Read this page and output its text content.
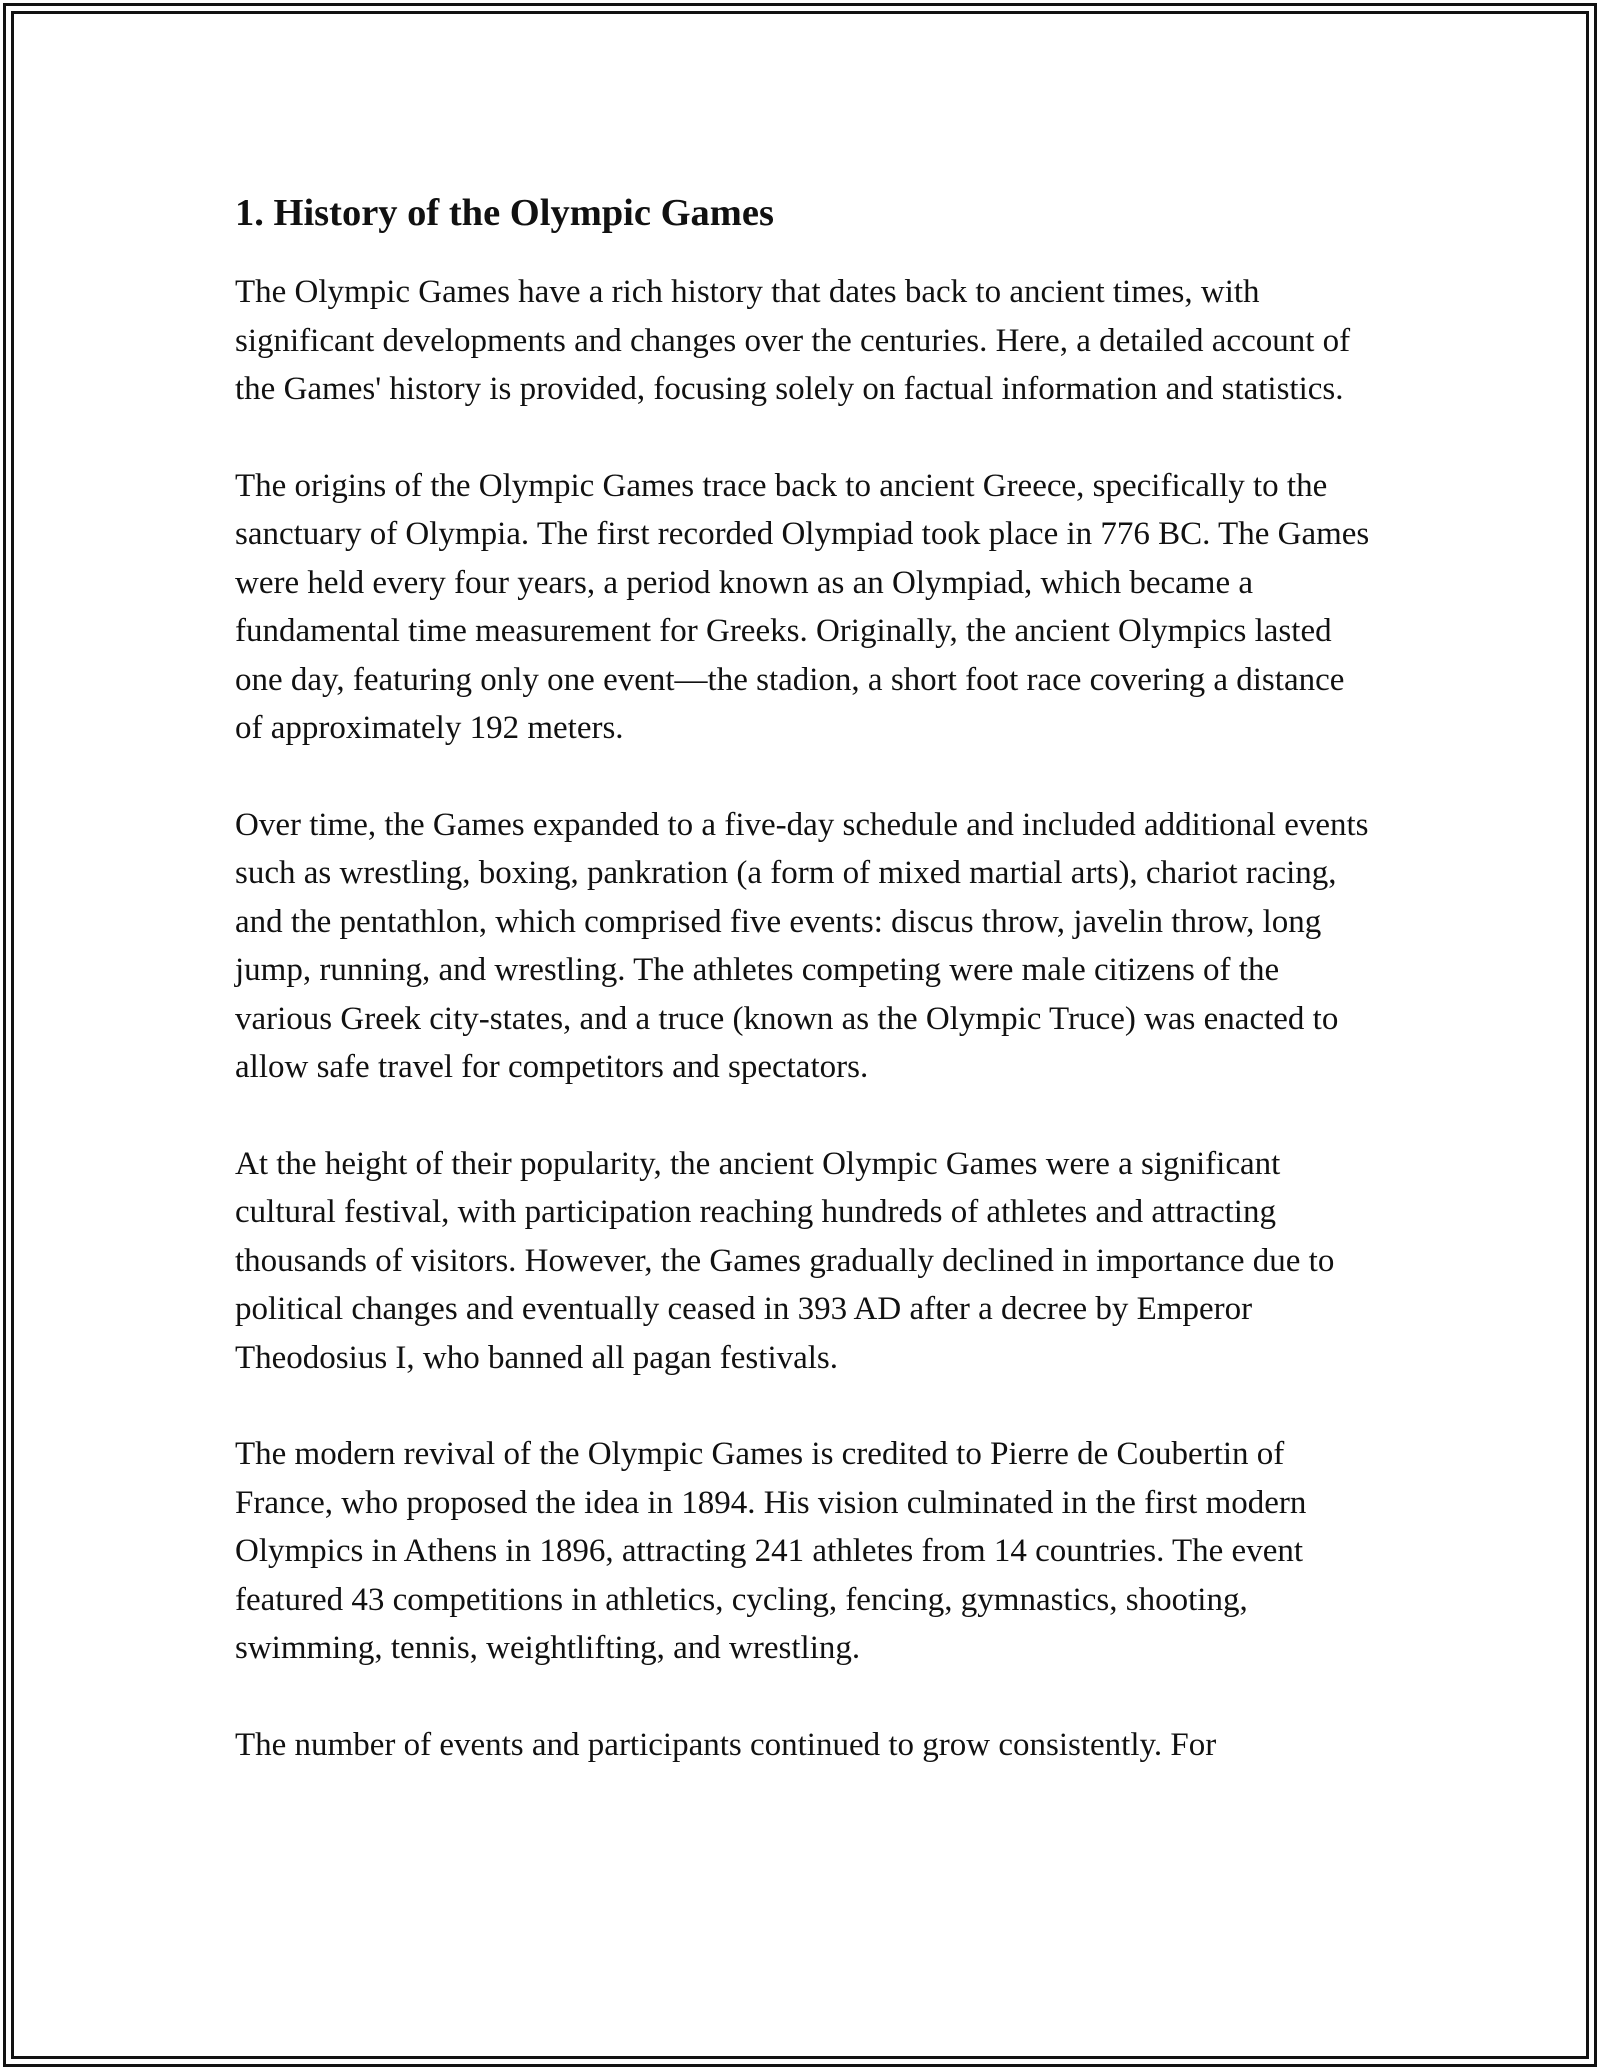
1. History of the Olympic Games

The Olympic Games have a rich history that dates back to ancient times, with significant developments and changes over the centuries. Here, a detailed account of the Games' history is provided, focusing solely on factual information and statistics.

The origins of the Olympic Games trace back to ancient Greece, specifically to the sanctuary of Olympia. The first recorded Olympiad took place in 776 BC. The Games were held every four years, a period known as an Olympiad, which became a fundamental time measurement for Greeks. Originally, the ancient Olympics lasted one day, featuring only one event—the stadion, a short foot race covering a distance of approximately 192 meters.

Over time, the Games expanded to a five-day schedule and included additional events such as wrestling, boxing, pankration (a form of mixed martial arts), chariot racing, and the pentathlon, which comprised five events: discus throw, javelin throw, long jump, running, and wrestling. The athletes competing were male citizens of the various Greek city-states, and a truce (known as the Olympic Truce) was enacted to allow safe travel for competitors and spectators.

At the height of their popularity, the ancient Olympic Games were a significant cultural festival, with participation reaching hundreds of athletes and attracting thousands of visitors. However, the Games gradually declined in importance due to political changes and eventually ceased in 393 AD after a decree by Emperor Theodosius I, who banned all pagan festivals.

The modern revival of the Olympic Games is credited to Pierre de Coubertin of France, who proposed the idea in 1894. His vision culminated in the first modern Olympics in Athens in 1896, attracting 241 athletes from 14 countries. The event featured 43 competitions in athletics, cycling, fencing, gymnastics, shooting, swimming, tennis, weightlifting, and wrestling.

The number of events and participants continued to grow consistently. For
